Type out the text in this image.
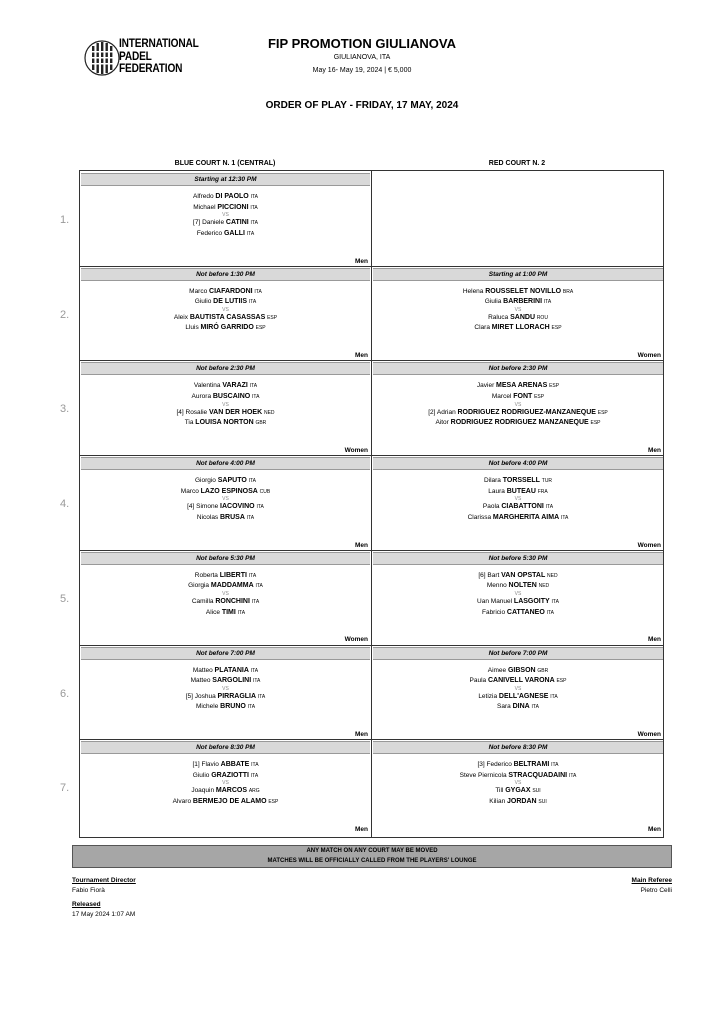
INTERNATIONAL
PADEL
FEDERATION
FIP PROMOTION GIULIANOVA
GIULIANOVA, ITA
May 16- May 19, 2024 | € 5,000
ORDER OF PLAY - FRIDAY, 17 MAY, 2024
BLUE COURT N. 1 (CENTRAL)	RED COURT N. 2
Starting at 12:30 PM
Alfredo DI PAOLO ITA
Michael PICCIONI ITA
VS
[7] Daniele CATINI ITA
Federico GALLI ITA
Men
Not before 1:30 PM
Marco CIAFARDONI ITA
Giulio DE LUTIIS ITA
VS
Aleix BAUTISTA CASASSAS ESP
Lluis MIRÓ GARRIDO ESP
Men
Starting at 1:00 PM
Helena ROUSSELET NOVILLO BRA
Giulia BARBERINI ITA
VS
Raluca SANDU ROU
Clara MIRET LLORACH ESP
Women
Not before 2:30 PM
Valentina VARAZI ITA
Aurora BUSCAINO ITA
VS
[4] Rosalie VAN DER HOEK NED
Tia LOUISA NORTON GBR
Women
Not before 2:30 PM
Javier MESA ARENAS ESP
Marcel FONT ESP
VS
[2] Adrian RODRIGUEZ RODRIGUEZ-MANZANEQUE ESP
Aitor RODRIGUEZ RODRIGUEZ MANZANEQUE ESP
Men
Not before 4:00 PM
Giorgio SAPUTO ITA
Marco LAZO ESPINOSA CUB
VS
[4] Simone IACOVINO ITA
Nicolas BRUSA ITA
Men
Not before 4:00 PM
Dilara TORSSELL TUR
Laura BUTEAU FRA
VS
Paola CIABATTONI ITA
Clarissa MARGHERITA AIMA ITA
Women
Not before 5:30 PM
Roberta LIBERTI ITA
Giorgia MADDAMMA ITA
VS
Camilla RONCHINI ITA
Alice TIMI ITA
Women
Not before 5:30 PM
[6] Bart VAN OPSTAL NED
Menno NOLTEN NED
VS
Uan Manuel LASGOITY ITA
Fabricio CATTANEO ITA
Men
Not before 7:00 PM
Matteo PLATANIA ITA
Matteo SARGOLINI ITA
VS
[5] Joshua PIRRAGLIA ITA
Michele BRUNO ITA
Men
Not before 7:00 PM
Aimee GIBSON GBR
Paula CANIVELL VARONA ESP
VS
Letizia DELL'AGNESE ITA
Sara DINA ITA
Women
Not before 8:30 PM
[1] Flavio ABBATE ITA
Giulio GRAZIOTTI ITA
VS
Joaquin MARCOS ARG
Alvaro BERMEJO DE ALAMO ESP
Men
Not before 8:30 PM
[3] Federico BELTRAMI ITA
Steve Piernicola STRACQUADAINI ITA
VS
Till GYGAX SUI
Kilian JORDAN SUI
Men
1.
2.
3.
4.
5.
6.
7.
ANY MATCH ON ANY COURT MAY BE MOVED
MATCHES WILL BE OFFICIALLY CALLED FROM THE PLAYERS' LOUNGE
Tournament Director
Fabio Fiorà
Released
17 May 2024 1:07 AM
Main Referee
Pietro Celli
